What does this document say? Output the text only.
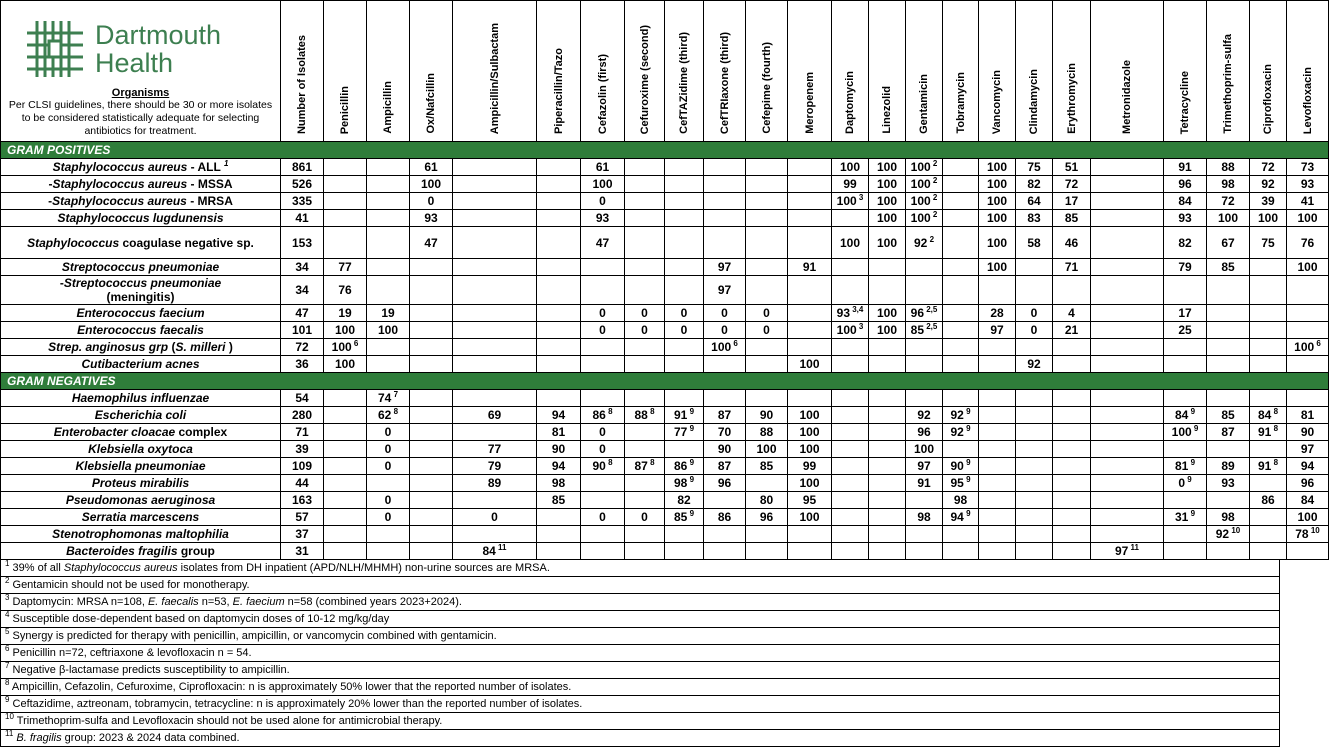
Dartmouth
Health
Organisms
Per CLSI guidelines, there should be 30 or more isolates to be considered statistically adequate for selecting antibiotics for treatment.	Number of Isolates	Penicillin	Ampicillin	Ox/Nafcillin	Ampicillin/Sulbactam	Piperacillin/Tazo	Cefazolin (first)	Cefuroxime (second)	CefTAZidime (third)	CefTRIaxone (third)	Cefepime (fourth)	Meropenem	Daptomycin	Linezolid	Gentamicin	Tobramycin	Vancomycin	Clindamycin	Erythromycin	Metronidazole	Tetracycline	Trimethoprim-sulfa	Ciprofloxacin	Levofloxacin
GRAM POSITIVES																								
Staphylococcus aureus - ALL $^1$	861			61			61						100	100	100 $^2$		100	75	51		91	88	72	73
-Staphylococcus aureus - MSSA	526			100			100						99	100	100 $^2$		100	82	72		96	98	92	93
-Staphylococcus aureus - MRSA	335			0			0						100 $^3$	100	100 $^2$		100	64	17		84	72	39	41
Staphylococcus lugdunensis	41			93			93							100	100 $^2$		100	83	85		93	100	100	100
Staphylococcus coagulase negative sp.	153			47			47						100	100	92 $^2$		100	58	46		82	67	75	76
Streptococcus pneumoniae	34	77								97		91					100		71		79	85		100
-Streptococcus pneumoniae
(meningitis)	34	76								97														
Enterococcus faecium	47	19	19				0	0	0	0	0		93 $^{3,4}$	100	96 $^{2,5}$		28	0	4		17			
Enterococcus faecalis	101	100	100				0	0	0	0	0		100 $^3$	100	85 $^{2,5}$		97	0	21		25			
Strep. anginosus grp (S. milleri )	72	100 $^6$								100 $^6$														100 $^6$
Cutibacterium acnes	36	100										100						92						
GRAM NEGATIVES																								
Haemophilus influenzae	54		74 $^7$																					
Escherichia coli	280		62 $^8$		69	94	86 $^8$	88 $^8$	91 $^9$	87	90	100			92	92 $^9$					84 $^9$	85	84 $^8$	81
Enterobacter cloacae complex	71		0			81	0		77 $^9$	70	88	100			96	92 $^9$					100 $^9$	87	91 $^8$	90
Klebsiella oxytoca	39		0		77	90	0			90	100	100			100									97
Klebsiella pneumoniae	109		0		79	94	90 $^8$	87 $^8$	86 $^9$	87	85	99			97	90 $^9$					81 $^9$	89	91 $^8$	94
Proteus mirabilis	44				89	98			98 $^9$	96		100			91	95 $^9$					0 $^9$	93		96
Pseudomonas aeruginosa	163		0			85			82		80	95				98							86	84
Serratia marcescens	57		0		0		0	0	85 $^9$	86	96	100			98	94 $^9$					31 $^9$	98		100
Stenotrophomonas maltophilia	37																					92 $^{10}$		78 $^{10}$
Bacteroides fragilis group	31				84 $^{11}$															97 $^{11}$				
$^1$ 39% of all Staphylococcus aureus isolates from DH inpatient (APD/NLH/MHMH) non-urine sources are MRSA.
$^2$ Gentamicin should not be used for monotherapy.
$^3$ Daptomycin: MRSA n=108, E. faecalis n=53, E. faecium n=58 (combined years 2023+2024).
$^4$ Susceptible dose-dependent based on daptomycin doses of 10-12 mg/kg/day
$^5$ Synergy is predicted for therapy with penicillin, ampicillin, or vancomycin combined with gentamicin.
$^6$ Penicillin n=72, ceftriaxone & levofloxacin n = 54.
$^7$ Negative β-lactamase predicts susceptibility to ampicillin.
$^8$ Ampicillin, Cefazolin, Cefuroxime, Ciprofloxacin: n is approximately 50% lower that the reported number of isolates.
$^9$ Ceftazidime, aztreonam, tobramycin, tetracycline: n is approximately 20% lower than the reported number of isolates.
$^{10}$ Trimethoprim-sulfa and Levofloxacin should not be used alone for antimicrobial therapy.
$^{11}$ B. fragilis group: 2023 & 2024 data combined.
